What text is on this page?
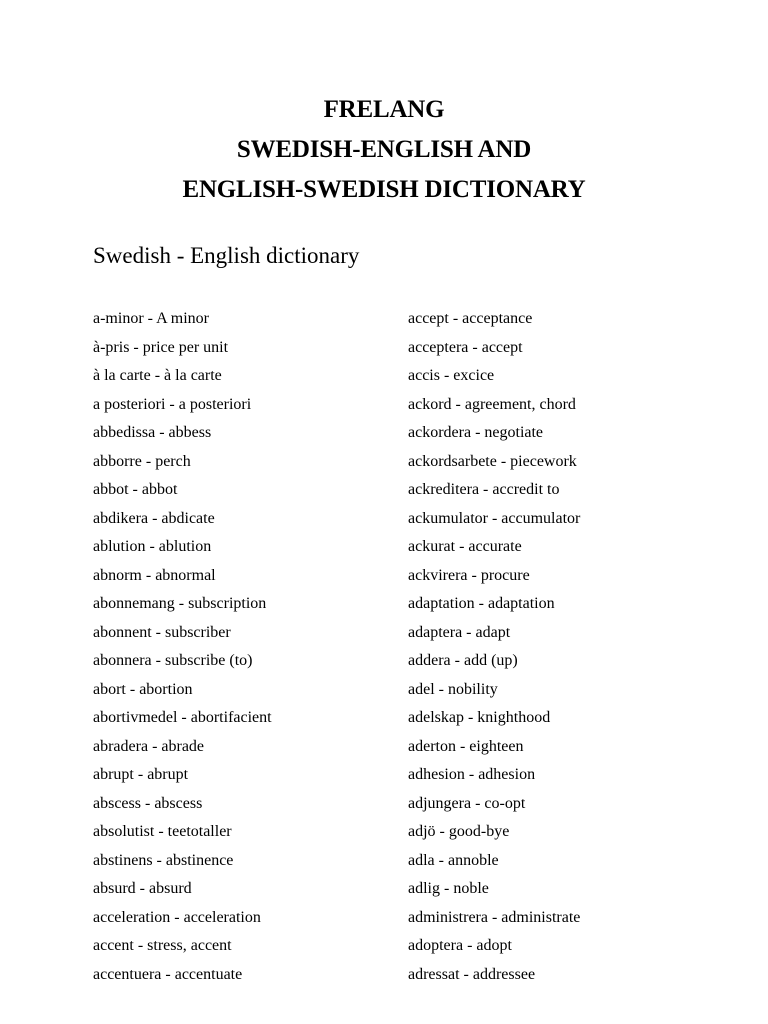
FRELANG

SWEDISH-ENGLISH AND

ENGLISH-SWEDISH DICTIONARY

Swedish - English dictionary
a-minor - A minor
à-pris - price per unit
à la carte - à la carte
a posteriori - a posteriori
abbedissa - abbess
abborre - perch
abbot - abbot
abdikera - abdicate
ablution - ablution
abnorm - abnormal
abonnemang - subscription
abonnent - subscriber
abonnera - subscribe (to)
abort - abortion
abortivmedel - abortifacient
abradera - abrade
abrupt - abrupt
abscess - abscess
absolutist - teetotaller
abstinens - abstinence
absurd - absurd
acceleration - acceleration
accent - stress, accent
accentuera - accentuate
accept - acceptance
acceptera - accept
accis - excice
ackord - agreement, chord
ackordera - negotiate
ackordsarbete - piecework
ackreditera - accredit to
ackumulator - accumulator
ackurat - accurate
ackvirera - procure
adaptation - adaptation
adaptera - adapt
addera - add (up)
adel - nobility
adelskap - knighthood
aderton - eighteen
adhesion - adhesion
adjungera - co-opt
adjö - good-bye
adla - annoble
adlig - noble
administrera - administrate
adoptera - adopt
adressat - addressee
